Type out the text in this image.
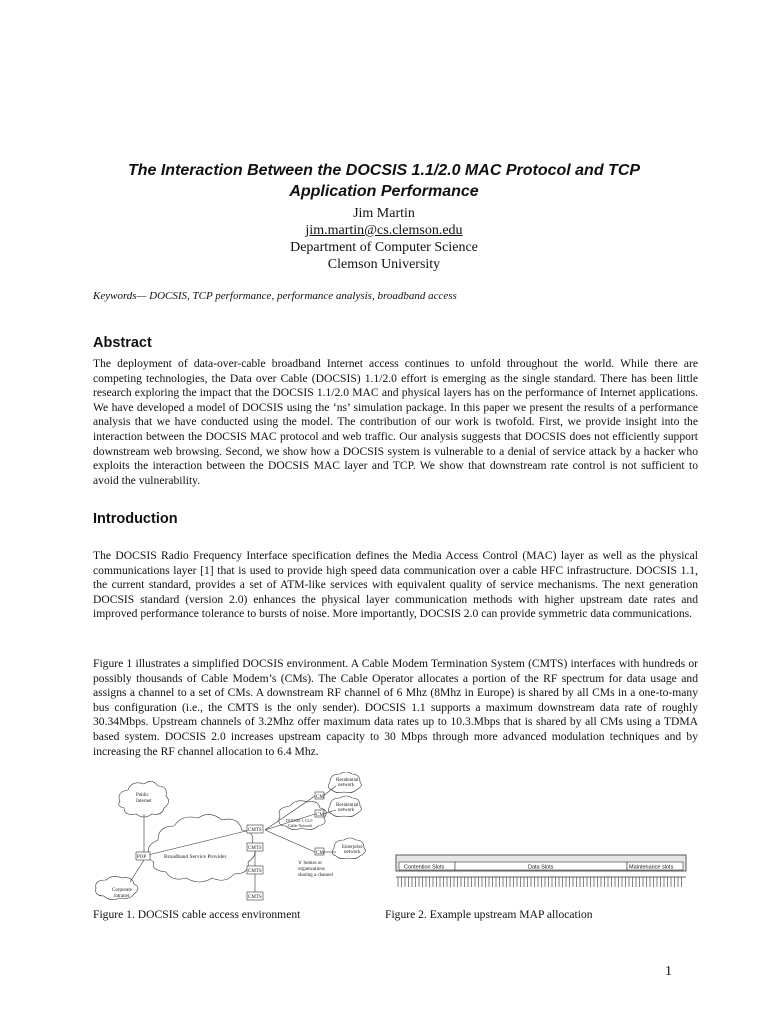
The Interaction Between the DOCSIS 1.1/2.0 MAC Protocol and TCP
Application Performance
Jim Martin
jim.martin@cs.clemson.edu
Department of Computer Science
Clemson University
Keywords— DOCSIS, TCP performance, performance analysis, broadband access
Abstract
The deployment of data-over-cable broadband Internet access continues to unfold throughout the world. While there are competing technologies, the Data over Cable (DOCSIS) 1.1/2.0 effort is emerging as the single standard. There has been little research exploring the impact that the DOCSIS 1.1/2.0 MAC and physical layers has on the performance of Internet applications. We have developed a model of DOCSIS using the ‘ns’ simulation package. In this paper we present the results of a performance analysis that we have conducted using the model. The contribution of our work is twofold. First, we provide insight into the interaction between the DOCSIS MAC protocol and web traffic. Our analysis suggests that DOCSIS does not efficiently support downstream web browsing. Second, we show how a DOCSIS system is vulnerable to a denial of service attack by a hacker who exploits the interaction between the DOCSIS MAC layer and TCP. We show that downstream rate control is not sufficient to avoid the vulnerability.
Introduction
The DOCSIS Radio Frequency Interface specification defines the Media Access Control (MAC) layer as well as the physical communications layer [1] that is used to provide high speed data communication over a cable HFC infrastructure. DOCSIS 1.1, the current standard, provides a set of ATM-like services with equivalent quality of service mechanisms. The next generation DOCSIS standard (version 2.0) enhances the physical layer communication methods with higher upstream date rates and improved performance tolerance to bursts of noise. More importantly, DOCSIS 2.0 can provide symmetric data communications.
Figure 1 illustrates a simplified DOCSIS environment. A Cable Modem Termination System (CMTS) interfaces with hundreds or possibly thousands of Cable Modem’s (CMs). The Cable Operator allocates a portion of the RF spectrum for data usage and assigns a channel to a set of CMs. A downstream RF channel of 6 Mhz (8Mhz in Europe) is shared by all CMs in a one-to-many bus configuration (i.e., the CMTS is the only sender). DOCSIS 1.1 supports a maximum downstream data rate of roughly 30.34Mbps. Upstream channels of 3.2Mhz offer maximum data rates up to 10.3.Mbps that is shared by all CMs using a TDMA based system. DOCSIS 2.0 increases upstream capacity to 30 Mbps through more advanced modulation techniques and by increasing the RF channel allocation to 6.4 Mhz.
Public
Internet
Residential
network
Residential
network
Enterprise
network
CM
CM
CM
CMTS
CMTS
CMTS
CMTS
POP	Broadband Service Provider
DOCSIS 1.1/2.0
Cable Network
'n' homes or
organizations
sharing a channel
Corporate
intranet
Figure 1. DOCSIS cable access environment
Contention Slots	Data Slots	Maintenance slots
Figure 2. Example upstream MAP allocation
1
